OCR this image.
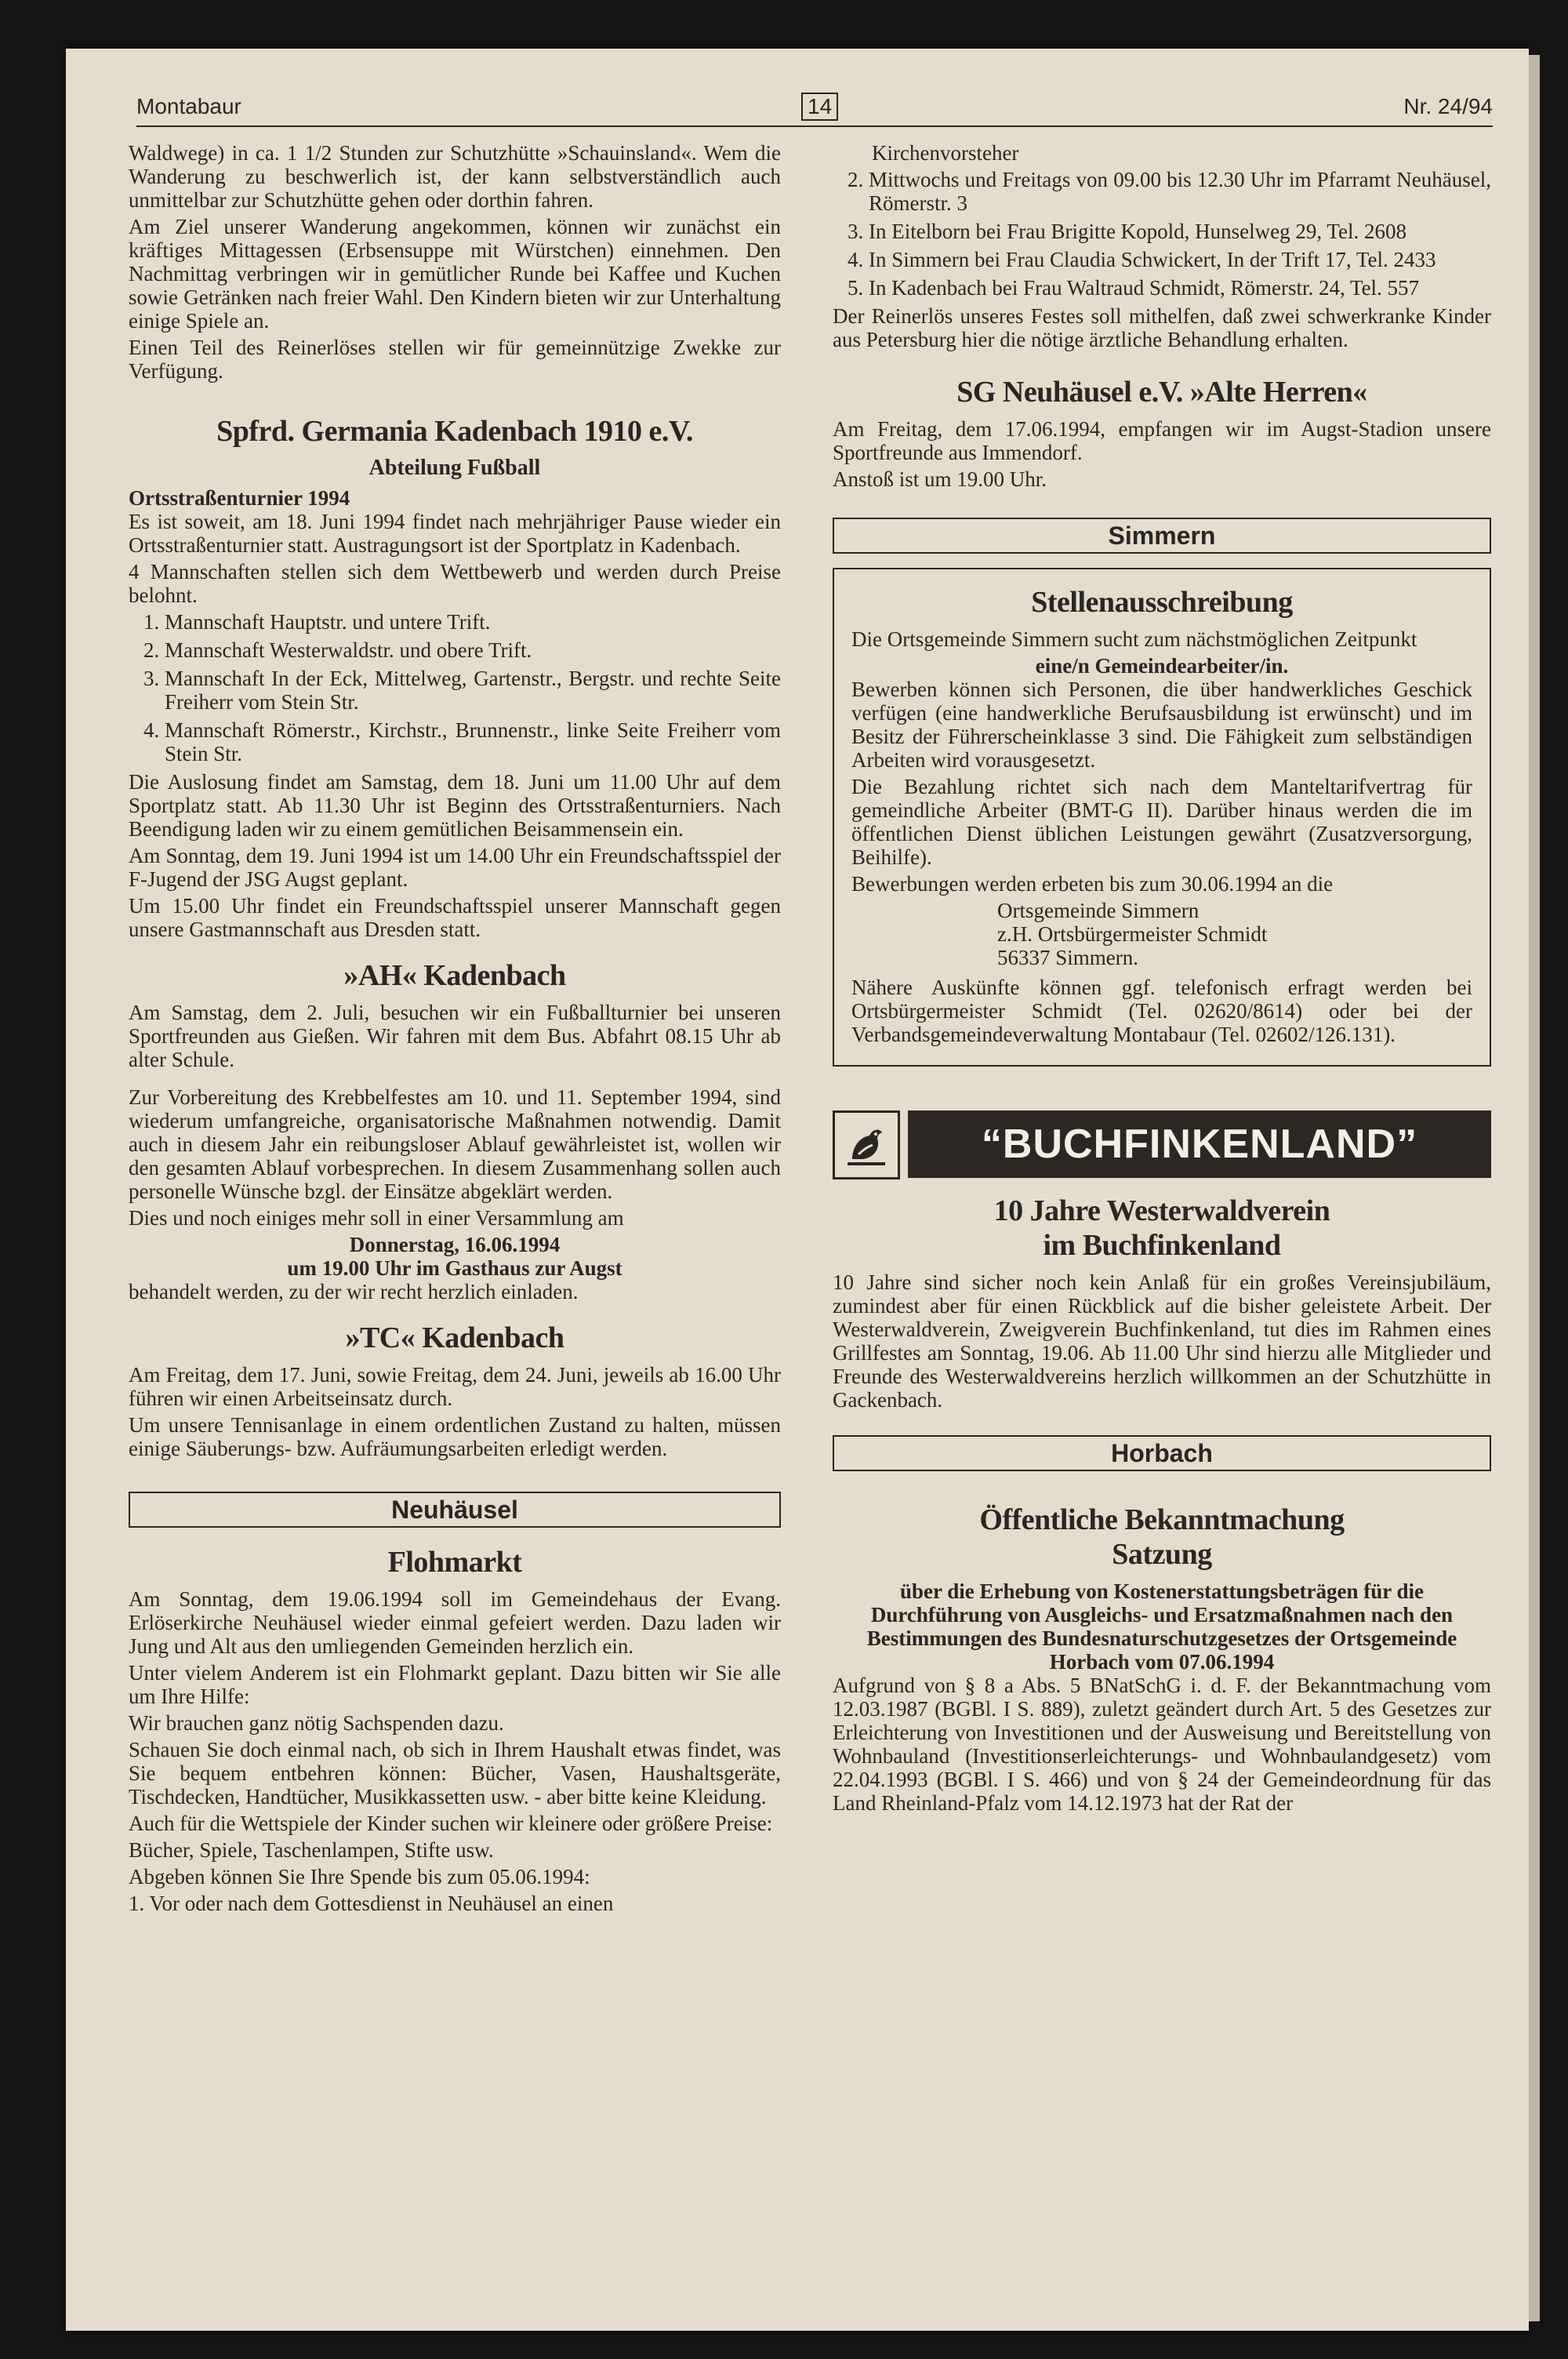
Montabaur	14	Nr. 24/94

Waldwege) in ca. 1 1/2 Stunden zur Schutzhütte »Schauinsland«. Wem die Wanderung zu beschwerlich ist, der kann selbstverständlich auch unmittelbar zur Schutzhütte gehen oder dorthin fahren.

Am Ziel unserer Wanderung angekommen, können wir zunächst ein kräftiges Mittagessen (Erbsensuppe mit Würstchen) einnehmen. Den Nachmittag verbringen wir in gemütlicher Runde bei Kaffee und Kuchen sowie Getränken nach freier Wahl. Den Kindern bieten wir zur Unterhaltung einige Spiele an.

Einen Teil des Reinerlöses stellen wir für gemeinnützige Zwekke zur Verfügung.

Spfrd. Germania Kadenbach 1910 e.V.
Abteilung Fußball
Ortsstraßenturnier 1994

Es ist soweit, am 18. Juni 1994 findet nach mehrjähriger Pause wieder ein Ortsstraßenturnier statt. Austragungsort ist der Sportplatz in Kadenbach.

4 Mannschaften stellen sich dem Wettbewerb und werden durch Preise belohnt.

1. Mannschaft Hauptstr. und untere Trift.
2. Mannschaft Westerwaldstr. und obere Trift.
3. Mannschaft In der Eck, Mittelweg, Gartenstr., Bergstr. und rechte Seite Freiherr vom Stein Str.
4. Mannschaft Römerstr., Kirchstr., Brunnenstr., linke Seite Freiherr vom Stein Str.

Die Auslosung findet am Samstag, dem 18. Juni um 11.00 Uhr auf dem Sportplatz statt. Ab 11.30 Uhr ist Beginn des Ortsstraßenturniers. Nach Beendigung laden wir zu einem gemütlichen Beisammensein ein.

Am Sonntag, dem 19. Juni 1994 ist um 14.00 Uhr ein Freundschaftsspiel der F-Jugend der JSG Augst geplant.

Um 15.00 Uhr findet ein Freundschaftsspiel unserer Mannschaft gegen unsere Gastmannschaft aus Dresden statt.

»AH« Kadenbach

Am Samstag, dem 2. Juli, besuchen wir ein Fußballturnier bei unseren Sportfreunden aus Gießen. Wir fahren mit dem Bus. Abfahrt 08.15 Uhr ab alter Schule.

Zur Vorbereitung des Krebbelfestes am 10. und 11. September 1994, sind wiederum umfangreiche, organisatorische Maßnahmen notwendig. Damit auch in diesem Jahr ein reibungsloser Ablauf gewährleistet ist, wollen wir den gesamten Ablauf vorbesprechen. In diesem Zusammenhang sollen auch personelle Wünsche bzgl. der Einsätze abgeklärt werden.

Dies und noch einiges mehr soll in einer Versammlung am

Donnerstag, 16.06.1994
um 19.00 Uhr im Gasthaus zur Augst

behandelt werden, zu der wir recht herzlich einladen.

»TC« Kadenbach

Am Freitag, dem 17. Juni, sowie Freitag, dem 24. Juni, jeweils ab 16.00 Uhr führen wir einen Arbeitseinsatz durch.

Um unsere Tennisanlage in einem ordentlichen Zustand zu halten, müssen einige Säuberungs- bzw. Aufräumungsarbeiten erledigt werden.

Neuhäusel
Flohmarkt

Am Sonntag, dem 19.06.1994 soll im Gemeindehaus der Evang. Erlöserkirche Neuhäusel wieder einmal gefeiert werden. Dazu laden wir Jung und Alt aus den umliegenden Gemeinden herzlich ein.

Unter vielem Anderem ist ein Flohmarkt geplant. Dazu bitten wir Sie alle um Ihre Hilfe:

Wir brauchen ganz nötig Sachspenden dazu.

Schauen Sie doch einmal nach, ob sich in Ihrem Haushalt etwas findet, was Sie bequem entbehren können: Bücher, Vasen, Haushaltsgeräte, Tischdecken, Handtücher, Musikkassetten usw. - aber bitte keine Kleidung.

Auch für die Wettspiele der Kinder suchen wir kleinere oder größere Preise:

Bücher, Spiele, Taschenlampen, Stifte usw.

Abgeben können Sie Ihre Spende bis zum 05.06.1994:

1. Vor oder nach dem Gottesdienst in Neuhäusel an einen

Kirchenvorsteher

2. Mittwochs und Freitags von 09.00 bis 12.30 Uhr im Pfarramt Neuhäusel, Römerstr. 3
3. In Eitelborn bei Frau Brigitte Kopold, Hunselweg 29, Tel. 2608
4. In Simmern bei Frau Claudia Schwickert, In der Trift 17, Tel. 2433
5. In Kadenbach bei Frau Waltraud Schmidt, Römerstr. 24, Tel. 557

Der Reinerlös unseres Festes soll mithelfen, daß zwei schwerkranke Kinder aus Petersburg hier die nötige ärztliche Behandlung erhalten.

SG Neuhäusel e.V. »Alte Herren«

Am Freitag, dem 17.06.1994, empfangen wir im Augst-Stadion unsere Sportfreunde aus Immendorf.

Anstoß ist um 19.00 Uhr.

Simmern
Stellenausschreibung

Die Ortsgemeinde Simmern sucht zum nächstmöglichen Zeitpunkt

eine/n Gemeindearbeiter/in.

Bewerben können sich Personen, die über handwerkliches Geschick verfügen (eine handwerkliche Berufsausbildung ist erwünscht) und im Besitz der Führerscheinklasse 3 sind. Die Fähigkeit zum selbständigen Arbeiten wird vorausgesetzt.

Die Bezahlung richtet sich nach dem Manteltarifvertrag für gemeindliche Arbeiter (BMT-G II). Darüber hinaus werden die im öffentlichen Dienst üblichen Leistungen gewährt (Zusatzversorgung, Beihilfe).

Bewerbungen werden erbeten bis zum 30.06.1994 an die

Ortsgemeinde Simmern
z.H. Ortsbürgermeister Schmidt
56337 Simmern.

Nähere Auskünfte können ggf. telefonisch erfragt werden bei Ortsbürgermeister Schmidt (Tel. 02620/8614) oder bei der Verbandsgemeindeverwaltung Montabaur (Tel. 02602/126.131).

“BUCHFINKENLAND”
10 Jahre Westerwaldverein
im Buchfinkenland

10 Jahre sind sicher noch kein Anlaß für ein großes Vereinsjubiläum, zumindest aber für einen Rückblick auf die bisher geleistete Arbeit. Der Westerwaldverein, Zweigverein Buchfinkenland, tut dies im Rahmen eines Grillfestes am Sonntag, 19.06. Ab 11.00 Uhr sind hierzu alle Mitglieder und Freunde des Westerwaldvereins herzlich willkommen an der Schutzhütte in Gackenbach.

Horbach
Öffentliche Bekanntmachung
Satzung
über die Erhebung von Kostenerstattungsbeträgen für die Durchführung von Ausgleichs- und Ersatzmaßnahmen nach den Bestimmungen des Bundesnaturschutzgesetzes der Ortsgemeinde Horbach vom 07.06.1994

Aufgrund von § 8 a Abs. 5 BNatSchG i. d. F. der Bekanntmachung vom 12.03.1987 (BGBl. I S. 889), zuletzt geändert durch Art. 5 des Gesetzes zur Erleichterung von Investitionen und der Ausweisung und Bereitstellung von Wohnbauland (Investitionserleichterungs- und Wohnbaulandgesetz) vom 22.04.1993 (BGBl. I S. 466) und von § 24 der Gemeindeordnung für das Land Rheinland-Pfalz vom 14.12.1973 hat der Rat der
